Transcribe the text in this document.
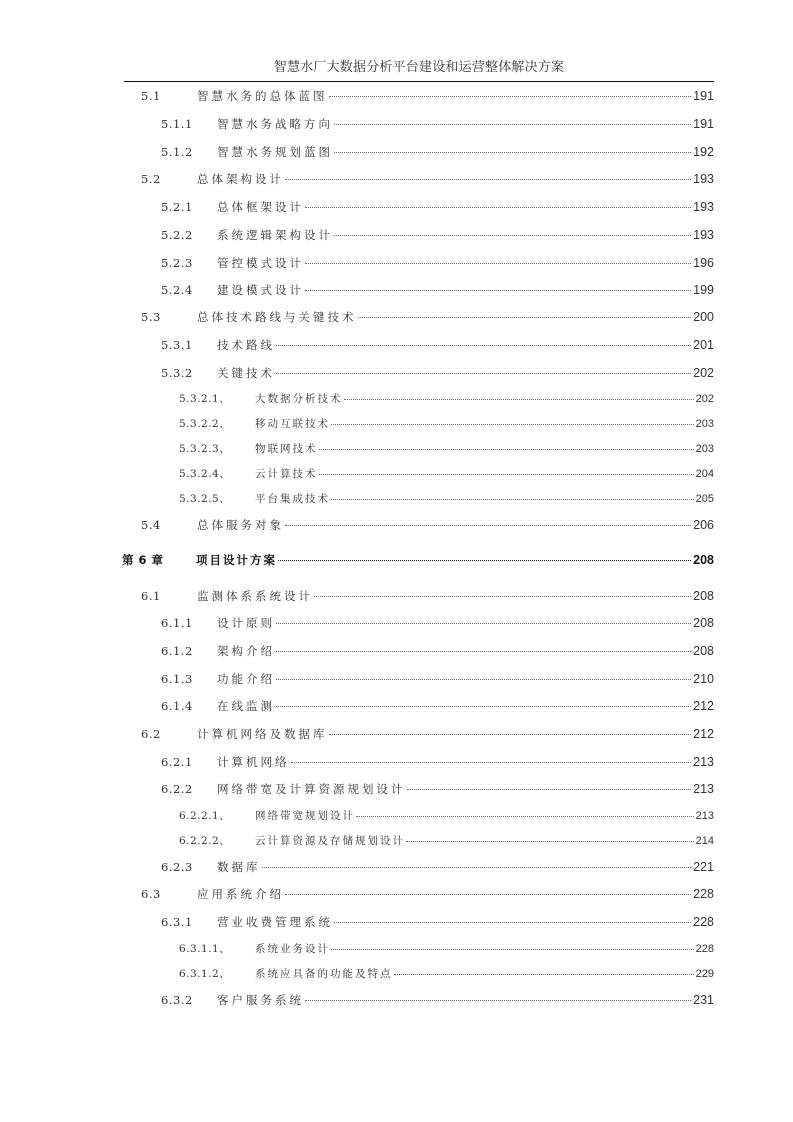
智慧水厂大数据分析平台建设和运营整体解决方案
5.1	智慧水务的总体蓝图	191
5.1.1	智慧水务战略方向	191
5.1.2	智慧水务规划蓝图	192
5.2	总体架构设计	193
5.2.1	总体框架设计	193
5.2.2	系统逻辑架构设计	193
5.2.3	管控模式设计	196
5.2.4	建设模式设计	199
5.3	总体技术路线与关键技术	200
5.3.1	技术路线	201
5.3.2	关键技术	202
5.3.2.1、	大数据分析技术	202
5.3.2.2、	移动互联技术	203
5.3.2.3、	物联网技术	203
5.3.2.4、	云计算技术	204
5.3.2.5、	平台集成技术	205
5.4	总体服务对象	206
第 6 章	项目设计方案	208
6.1	监测体系系统设计	208
6.1.1	设计原则	208
6.1.2	架构介绍	208
6.1.3	功能介绍	210
6.1.4	在线监测	212
6.2	计算机网络及数据库	212
6.2.1	计算机网络	213
6.2.2	网络带宽及计算资源规划设计	213
6.2.2.1、	网络带宽规划设计	213
6.2.2.2、	云计算资源及存储规划设计	214
6.2.3	数据库	221
6.3	应用系统介绍	228
6.3.1	营业收费管理系统	228
6.3.1.1、	系统业务设计	228
6.3.1.2、	系统应具备的功能及特点	229
6.3.2	客户服务系统	231
